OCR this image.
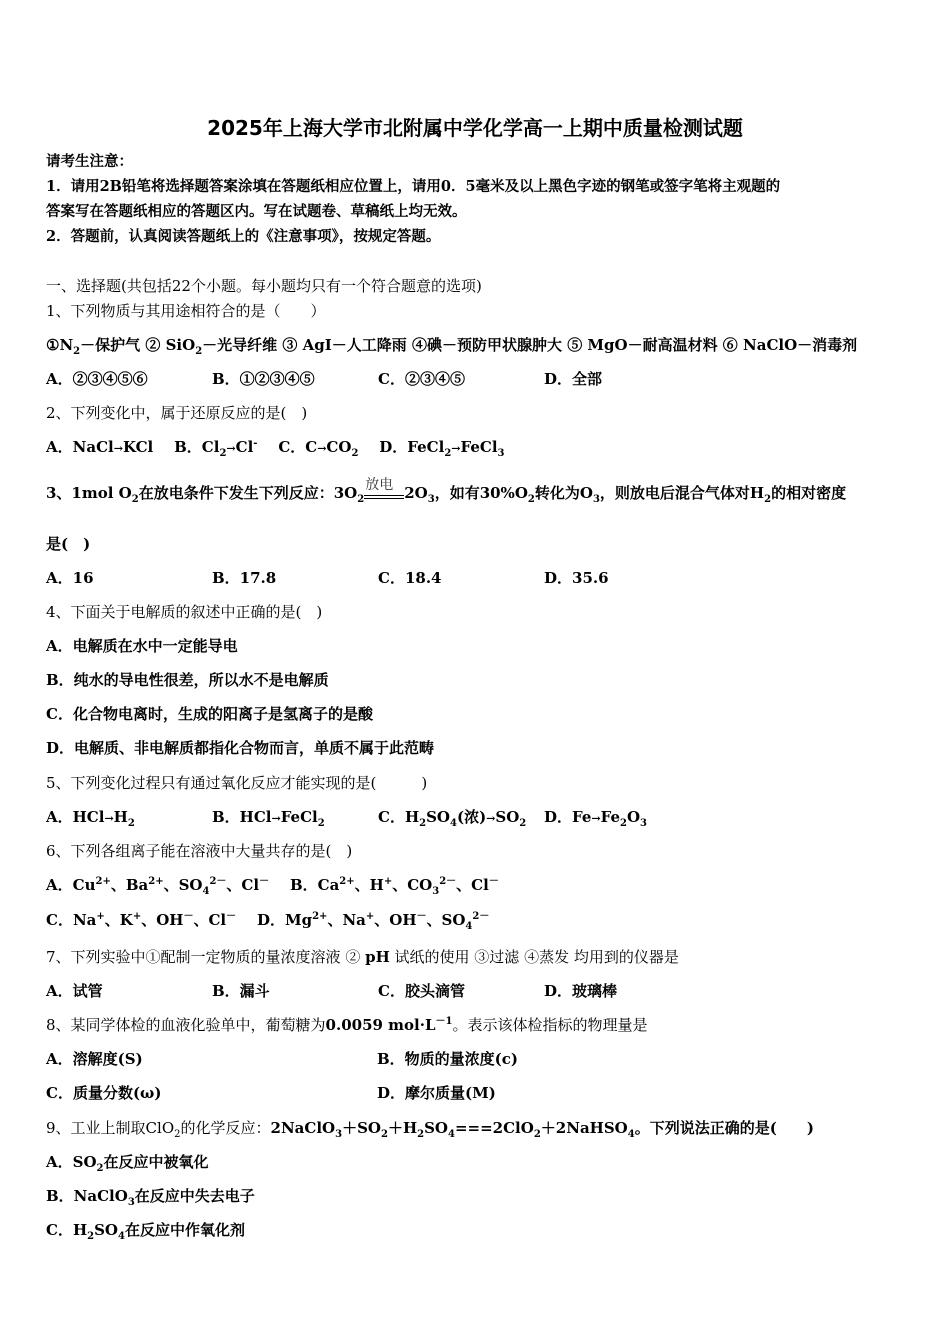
2025年上海大学市北附属中学化学高一上期中质量检测试题
请考生注意：
1．请用2B铅笔将选择题答案涂填在答题纸相应位置上，请用0．5毫米及以上黑色字迹的钢笔或签字笔将主观题的
答案写在答题纸相应的答题区内。写在试题卷、草稿纸上均无效。
2．答题前，认真阅读答题纸上的《注意事项》，按规定答题。
一、选择题(共包括22个小题。每小题均只有一个符合题意的选项)
1、下列物质与其用途相符合的是（　　）
$①N_2-$保护气 ② SiO$_2$－光导纤维 ③ AgI－人工降雨 ④碘－预防甲状腺肿大 ⑤ MgO－耐高温材料 ⑥ NaClO－消毒剂
A．②③④⑤⑥	B．①②③④⑤	C．②③④⑤	D．全部
2、下列变化中，属于还原反应的是(　)
A．NaCl→KCl B．$Cl_2\to Cl^-$ C．$C\to CO_2$ D．FeCl$_2$→FeCl$_3$
3、1mol $O_2$在放电条件下发生下列反应：$3O_2$
放电 $2O_3$，如有$30\%O_2$转化为$O_3$，则放电后混合气体对$H_2$的相对密度
是(　)
A．16	B．17.8	C．18.4	D．35.6
4、下面关于电解质的叙述中正确的是(　)
A．电解质在水中一定能导电
B．纯水的导电性很差，所以水不是电解质
C．化合物电离时，生成的阳离子是氢离子的是酸
D．电解质、非电解质都指化合物而言，单质不属于此范畴
5、下列变化过程只有通过氧化反应才能实现的是(　　　)
A．$HCl\to H_2$	B．HCl→FeCl$_2$	C．$H_2SO_4$(浓)$\to SO_2$ D．$Fe\to Fe_2O_3$
6、下列各组离子能在溶液中大量共存的是(　)
A．$Cu^{2+}$、$Ba^{2+}$、$SO_4^{2-}$、Cl－ B．$Ca^{2+}$、H+、$CO_3^{2-}$、Cl－
C．Na+、K+、OH－、Cl－ D．$Mg^{2+}$、Na+、OH－、$SO_4^{2-}$
7、下列实验中①配制一定物质的量浓度溶液 ② pH 试纸的使用 ③过滤 ④蒸发 均用到的仪器是
A．试管	B．漏斗	C．胶头滴管	D．玻璃棒
8、某同学体检的血液化验单中，葡萄糖为0.0059 $mol\cdot L^{-1}$。表示该体检指标的物理量是
A．溶解度(S)	B．物质的量浓度(c)
C．质量分数(ω)	D．摩尔质量(M)
9、工业上制取ClO$_2$的化学反应：$2NaClO_3+SO_2+H_2SO_4===2ClO_2+2NaHSO_4$。下列说法正确的是(　　)
A．$SO_2$在反应中被氧化
B．NaClO$_3$在反应中失去电子
C．$H_2SO_4$在反应中作氧化剂
